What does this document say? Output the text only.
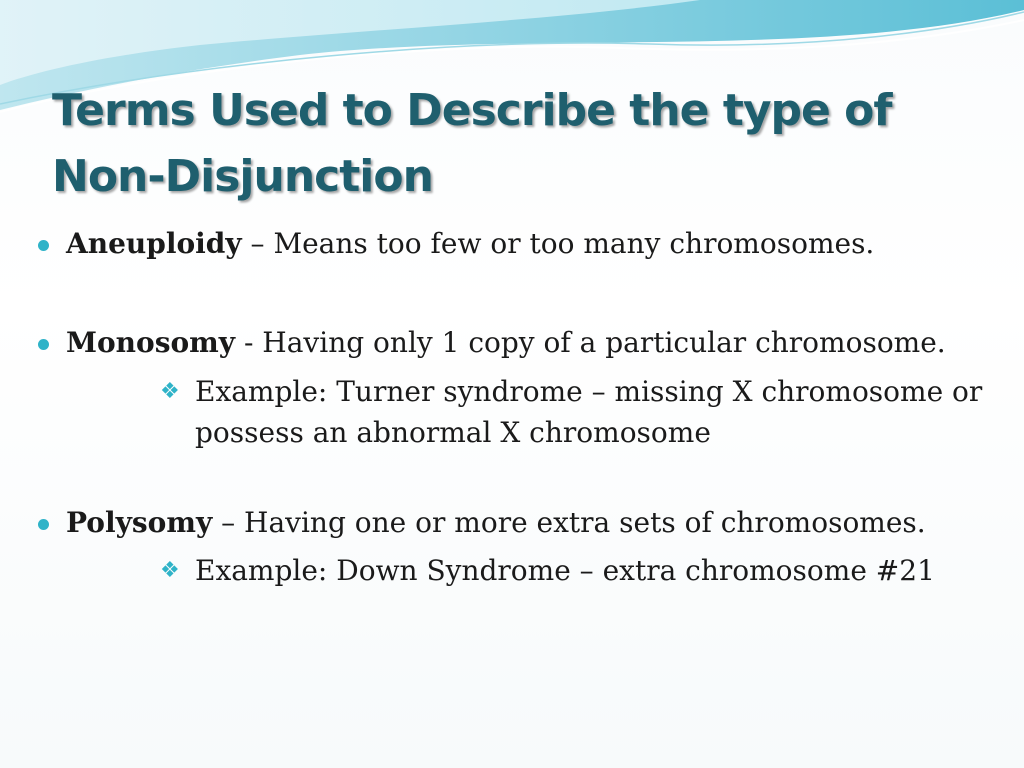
Terms Used to Describe the type of
Non-Disjunction
Aneuploidy – Means too few or too many chromosomes.
Monosomy - Having only 1 copy of a particular chromosome.
❖ Example: Turner syndrome – missing X chromosome or possess an abnormal X chromosome
Polysomy – Having one or more extra sets of chromosomes.
❖ Example: Down Syndrome – extra chromosome #21
